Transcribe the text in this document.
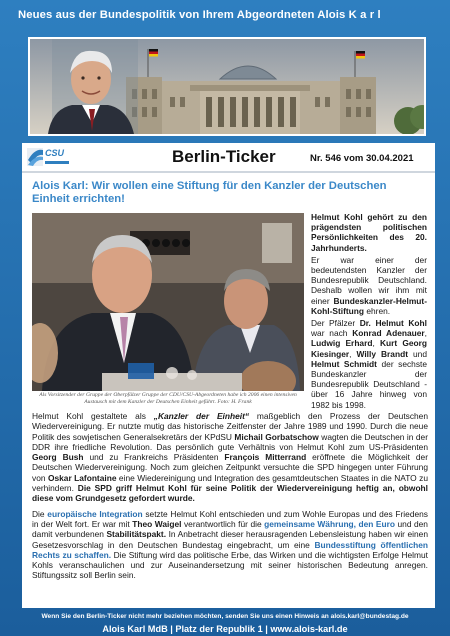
Neues aus der Bundespolitik von Ihrem Abgeordneten Alois K a r l
CSU	Berlin-Ticker	Nr. 546 vom 30.04.2021
Alois Karl: Wir wollen eine Stiftung für den Kanzler der Deutschen Einheit errichten!
Als Vorsitzender der Gruppe der Oberpfälzer Gruppe der CDU/CSU-Abgeordneten habe ich 2006 einen intensiven Austausch mit dem Kanzler der Deutschen Einheit geführt. Foto: H. Frank

Helmut Kohl gehört zu den prägendsten politischen Persönlichkeiten des 20. Jahrhunderts.

Er war einer der bedeutendsten Kanzler der Bundesrepublik Deutschland. Deshalb wollen wir ihm mit einer Bundeskanzler-Helmut-Kohl-Stiftung ehren.

Der Pfälzer Dr. Helmut Kohl war nach Konrad Adenauer, Ludwig Erhard, Kurt Georg Kiesinger, Willy Brandt und Helmut Schmidt der sechste Bundeskanzler der Bundesrepublik Deutschland - über 16 Jahre hinweg von 1982 bis 1998.

Helmut Kohl gestaltete als „Kanzler der Einheit“ maßgeblich den Prozess der Deutschen Wiedervereinigung. Er nutzte mutig das historische Zeitfenster der Jahre 1989 und 1990. Durch die neue Politik des sowjetischen Generalsekretärs der KPdSU Michail Gorbatschow wagten die Deutschen in der DDR ihre friedliche Revolution. Das persönlich gute Verhältnis von Helmut Kohl zum US-Präsidenten Georg Bush und zu Frankreichs Präsidenten François Mitterrand eröffnete die Möglichkeit der Deutschen Wiedervereinigung. Noch zum gleichen Zeitpunkt versuchte die SPD hingegen unter Führung von Oskar Lafontaine eine Wiedereinigung und Integration des gesamtdeutschen Staates in die NATO zu verhindern. Die SPD griff Helmut Kohl für seine Politik der Wiedervereinigung heftig an, obwohl diese vom Grundgesetz gefordert wurde.

Die europäische Integration setzte Helmut Kohl entschieden und zum Wohle Europas und des Friedens in der Welt fort. Er war mit Theo Waigel verantwortlich für die gemeinsame Währung, den Euro und den damit verbundenen Stabilitätspakt. In Anbetracht dieser herausragenden Lebensleistung haben wir einen Gesetzesvorschlag in den Deutschen Bundestag eingebracht, um eine Bundesstiftung öffentlichen Rechts zu schaffen. Die Stiftung wird das politische Erbe, das Wirken und die wichtigsten Erfolge Helmut Kohls veranschaulichen und zur Auseinandersetzung mit seiner historischen Bedeutung anregen. Stiftungssitz soll Berlin sein.

Wenn Sie den Berlin-Ticker nicht mehr beziehen möchten, senden Sie uns einen Hinweis an alois.karl@bundestag.de
Alois Karl MdB | Platz der Republik 1 | www.alois-karl.de
